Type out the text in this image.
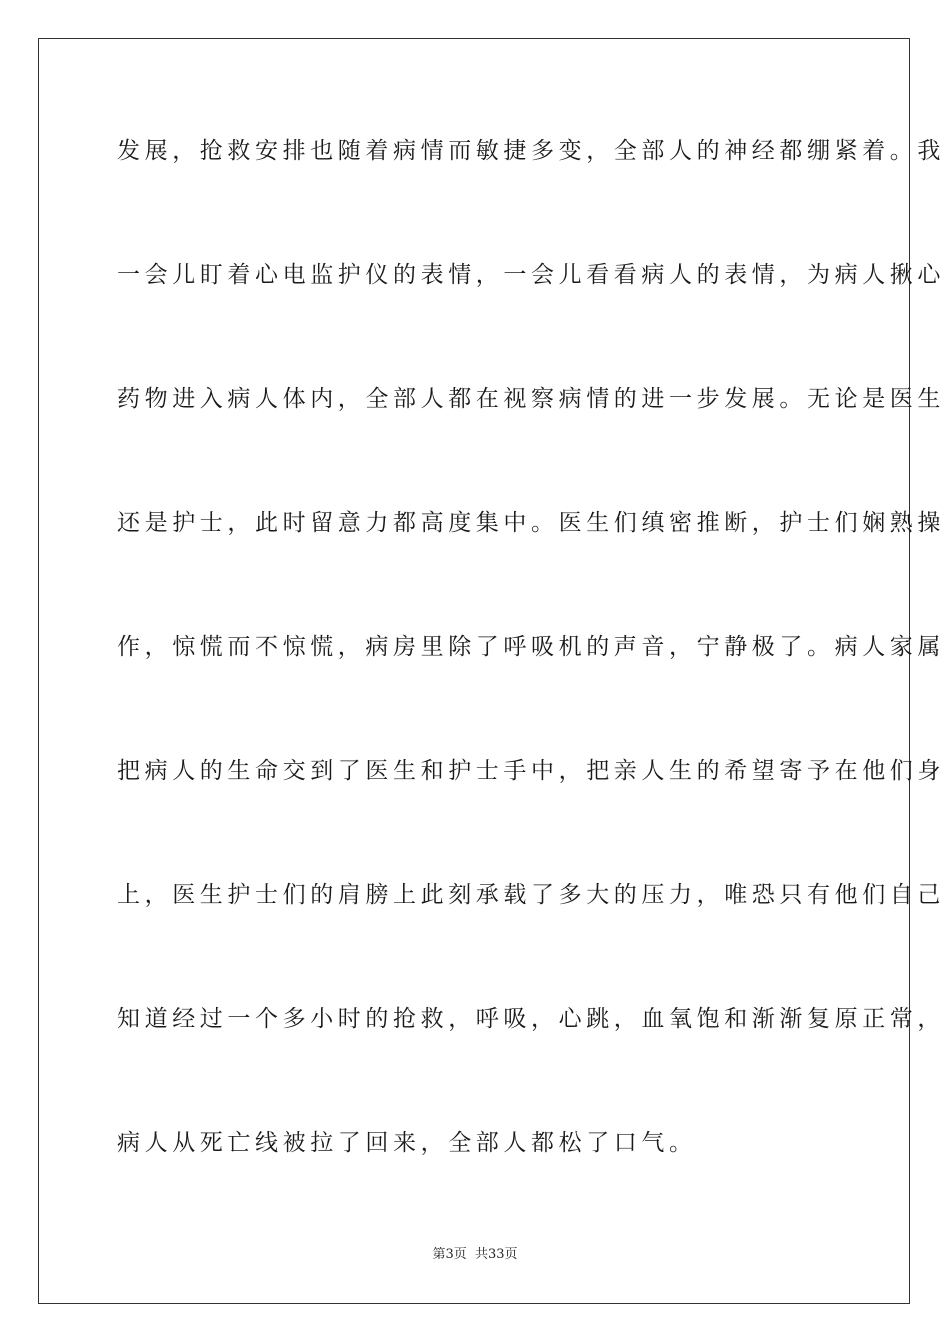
发展，抢救安排也随着病情而敏捷多变，全部人的神经都绷紧着。我
一会儿盯着心电监护仪的表情，一会儿看看病人的表情，为病人揪心
药物进入病人体内，全部人都在视察病情的进一步发展。无论是医生
还是护士，此时留意力都高度集中。医生们缜密推断，护士们娴熟操
作，惊慌而不惊慌，病房里除了呼吸机的声音，宁静极了。病人家属
把病人的生命交到了医生和护士手中，把亲人生的希望寄予在他们身
上，医生护士们的肩膀上此刻承载了多大的压力，唯恐只有他们自己
知道经过一个多小时的抢救，呼吸，心跳，血氧饱和渐渐复原正常，
病人从死亡线被拉了回来，全部人都松了口气。
第3页 共33页
